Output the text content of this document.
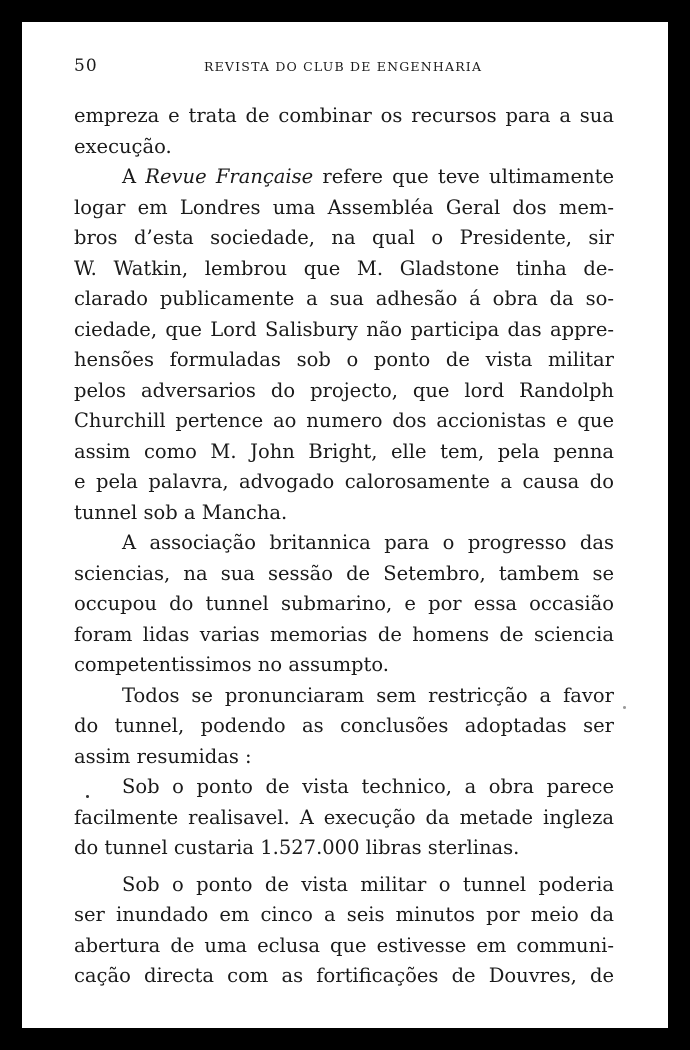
50	REVISTA DO CLUB DE ENGENHARIA
empreza e trata de combinar os recursos para a sua
execução.
A Revue Française refere que teve ultimamente
logar em Londres uma Assembléa Geral dos mem-
bros d’esta sociedade, na qual o Presidente, sir
W. Watkin, lembrou que M. Gladstone tinha de-
clarado publicamente a sua adhesão á obra da so-
ciedade, que Lord Salisbury não participa das appre-
hensões formuladas sob o ponto de vista militar
pelos adversarios do projecto, que lord Randolph
Churchill pertence ao numero dos accionistas e que
assim como M. John Bright, elle tem, pela penna
e pela palavra, advogado calorosamente a causa do
tunnel sob a Mancha.
A associação britannica para o progresso das
sciencias, na sua sessão de Setembro, tambem se
occupou do tunnel submarino, e por essa occasião
foram lidas varias memorias de homens de sciencia
competentissimos no assumpto.
Todos se pronunciaram sem restricção a favor
do tunnel, podendo as conclusões adoptadas ser
assim resumidas :
Sob o ponto de vista technico, a obra parece
facilmente realisavel. A execução da metade ingleza
do tunnel custaria 1.527.000 libras sterlinas.
Sob o ponto de vista militar o tunnel poderia
ser inundado em cinco a seis minutos por meio da
abertura de uma eclusa que estivesse em communi-
cação directa com as fortificações de Douvres, de
